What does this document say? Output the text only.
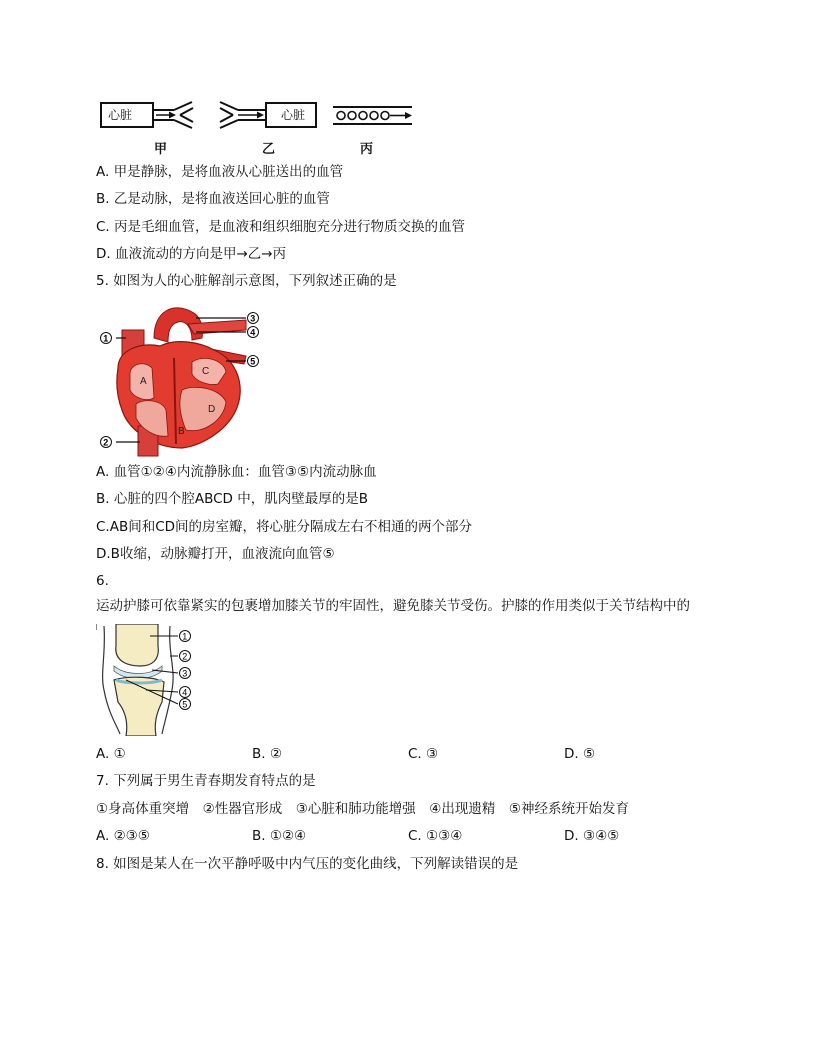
心脏	心脏
甲	乙	丙
A. 甲是静脉，是将血液从心脏送出的血管
B. 乙是动脉，是将血液送回心脏的血管
C. 丙是毛细血管，是血液和组织细胞充分进行物质交换的血管
D. 血液流动的方向是甲→乙→丙
5. 如图为人的心脏解剖示意图，下列叙述正确的是
A
B
C
D
1
2
3
4
5
A. 血管①②④内流静脉血：血管③⑤内流动脉血
B. 心脏的四个腔ABCD 中，肌肉壁最厚的是B
C.AB间和CD间的房室瓣，将心脏分隔成左右不相通的两个部分
D.B收缩，动脉瓣打开，血液流向血管⑤
6.
运动护膝可依靠紧实的包裹增加膝关节的牢固性，避免膝关节受伤。护膝的作用类似于关节结构中的
1
2
3
4
5
A. ①	B. ②	C. ③	D. ⑤
7. 下列属于男生青春期发育特点的是
①身高体重突增　②性器官形成　③心脏和肺功能增强　④出现遗精　⑤神经系统开始发育
A. ②③⑤	B. ①②④	C. ①③④	D. ③④⑤
8. 如图是某人在一次平静呼吸中内气压的变化曲线，下列解读错误的是
